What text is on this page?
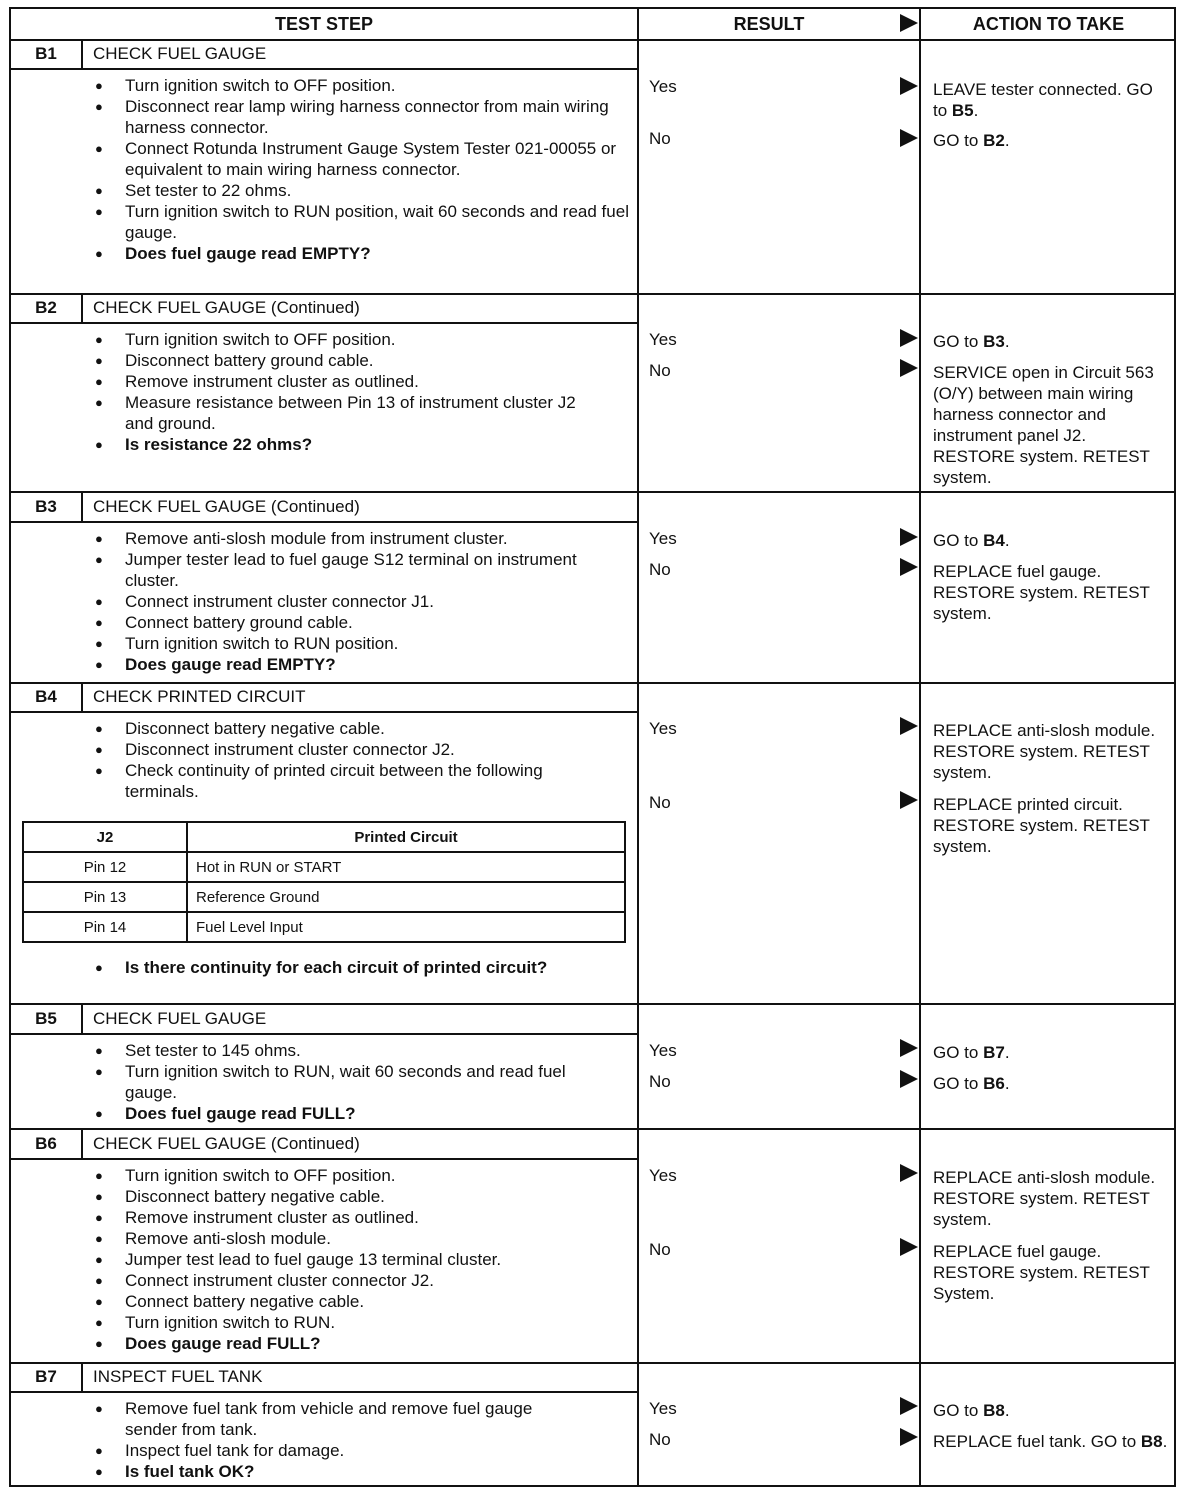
TEST STEP	RESULT	ACTION TO TAKE
B1	CHECK FUEL GAUGE
● Turn ignition switch to OFF position.
● Disconnect rear lamp wiring harness connector from main wiring harness connector.
● Connect Rotunda Instrument Gauge System Tester 021-00055 or equivalent to main wiring harness connector.
● Set tester to 22 ohms.
● Turn ignition switch to RUN position, wait 60 seconds and read fuel gauge.
● Does fuel gauge read EMPTY?
Yes	LEAVE tester connected. GO to B5.
No	GO to B2.
B2	CHECK FUEL GAUGE (Continued)
● Turn ignition switch to OFF position.
● Disconnect battery ground cable.
● Remove instrument cluster as outlined.
● Measure resistance between Pin 13 of instrument cluster J2 and ground.
● Is resistance 22 ohms?
Yes	GO to B3.
No	SERVICE open in Circuit 563 (O/Y) between main wiring harness connector and instrument panel J2. RESTORE system. RETEST system.
B3	CHECK FUEL GAUGE (Continued)
● Remove anti-slosh module from instrument cluster.
● Jumper tester lead to fuel gauge S12 terminal on instrument cluster.
● Connect instrument cluster connector J1.
● Connect battery ground cable.
● Turn ignition switch to RUN position.
● Does gauge read EMPTY?
Yes	GO to B4.
No	REPLACE fuel gauge. RESTORE system. RETEST system.
B4	CHECK PRINTED CIRCUIT
● Disconnect battery negative cable.
● Disconnect instrument cluster connector J2.
● Check continuity of printed circuit between the following terminals.
J2	Printed Circuit
Pin 12	Hot in RUN or START
Pin 13	Reference Ground
Pin 14	Fuel Level Input
● Is there continuity for each circuit of printed circuit?
Yes	REPLACE anti-slosh module. RESTORE system. RETEST system.
No	REPLACE printed circuit. RESTORE system. RETEST system.
B5	CHECK FUEL GAUGE
● Set tester to 145 ohms.
● Turn ignition switch to RUN, wait 60 seconds and read fuel gauge.
● Does fuel gauge read FULL?
Yes	GO to B7.
No	GO to B6.
B6	CHECK FUEL GAUGE (Continued)
● Turn ignition switch to OFF position.
● Disconnect battery negative cable.
● Remove instrument cluster as outlined.
● Remove anti-slosh module.
● Jumper test lead to fuel gauge 13 terminal cluster.
● Connect instrument cluster connector J2.
● Connect battery negative cable.
● Turn ignition switch to RUN.
● Does gauge read FULL?
Yes	REPLACE anti-slosh module. RESTORE system. RETEST system.
No	REPLACE fuel gauge. RESTORE system. RETEST System.
B7	INSPECT FUEL TANK
● Remove fuel tank from vehicle and remove fuel gauge sender from tank.
● Inspect fuel tank for damage.
● Is fuel tank OK?
Yes	GO to B8.
No	REPLACE fuel tank. GO to B8.
